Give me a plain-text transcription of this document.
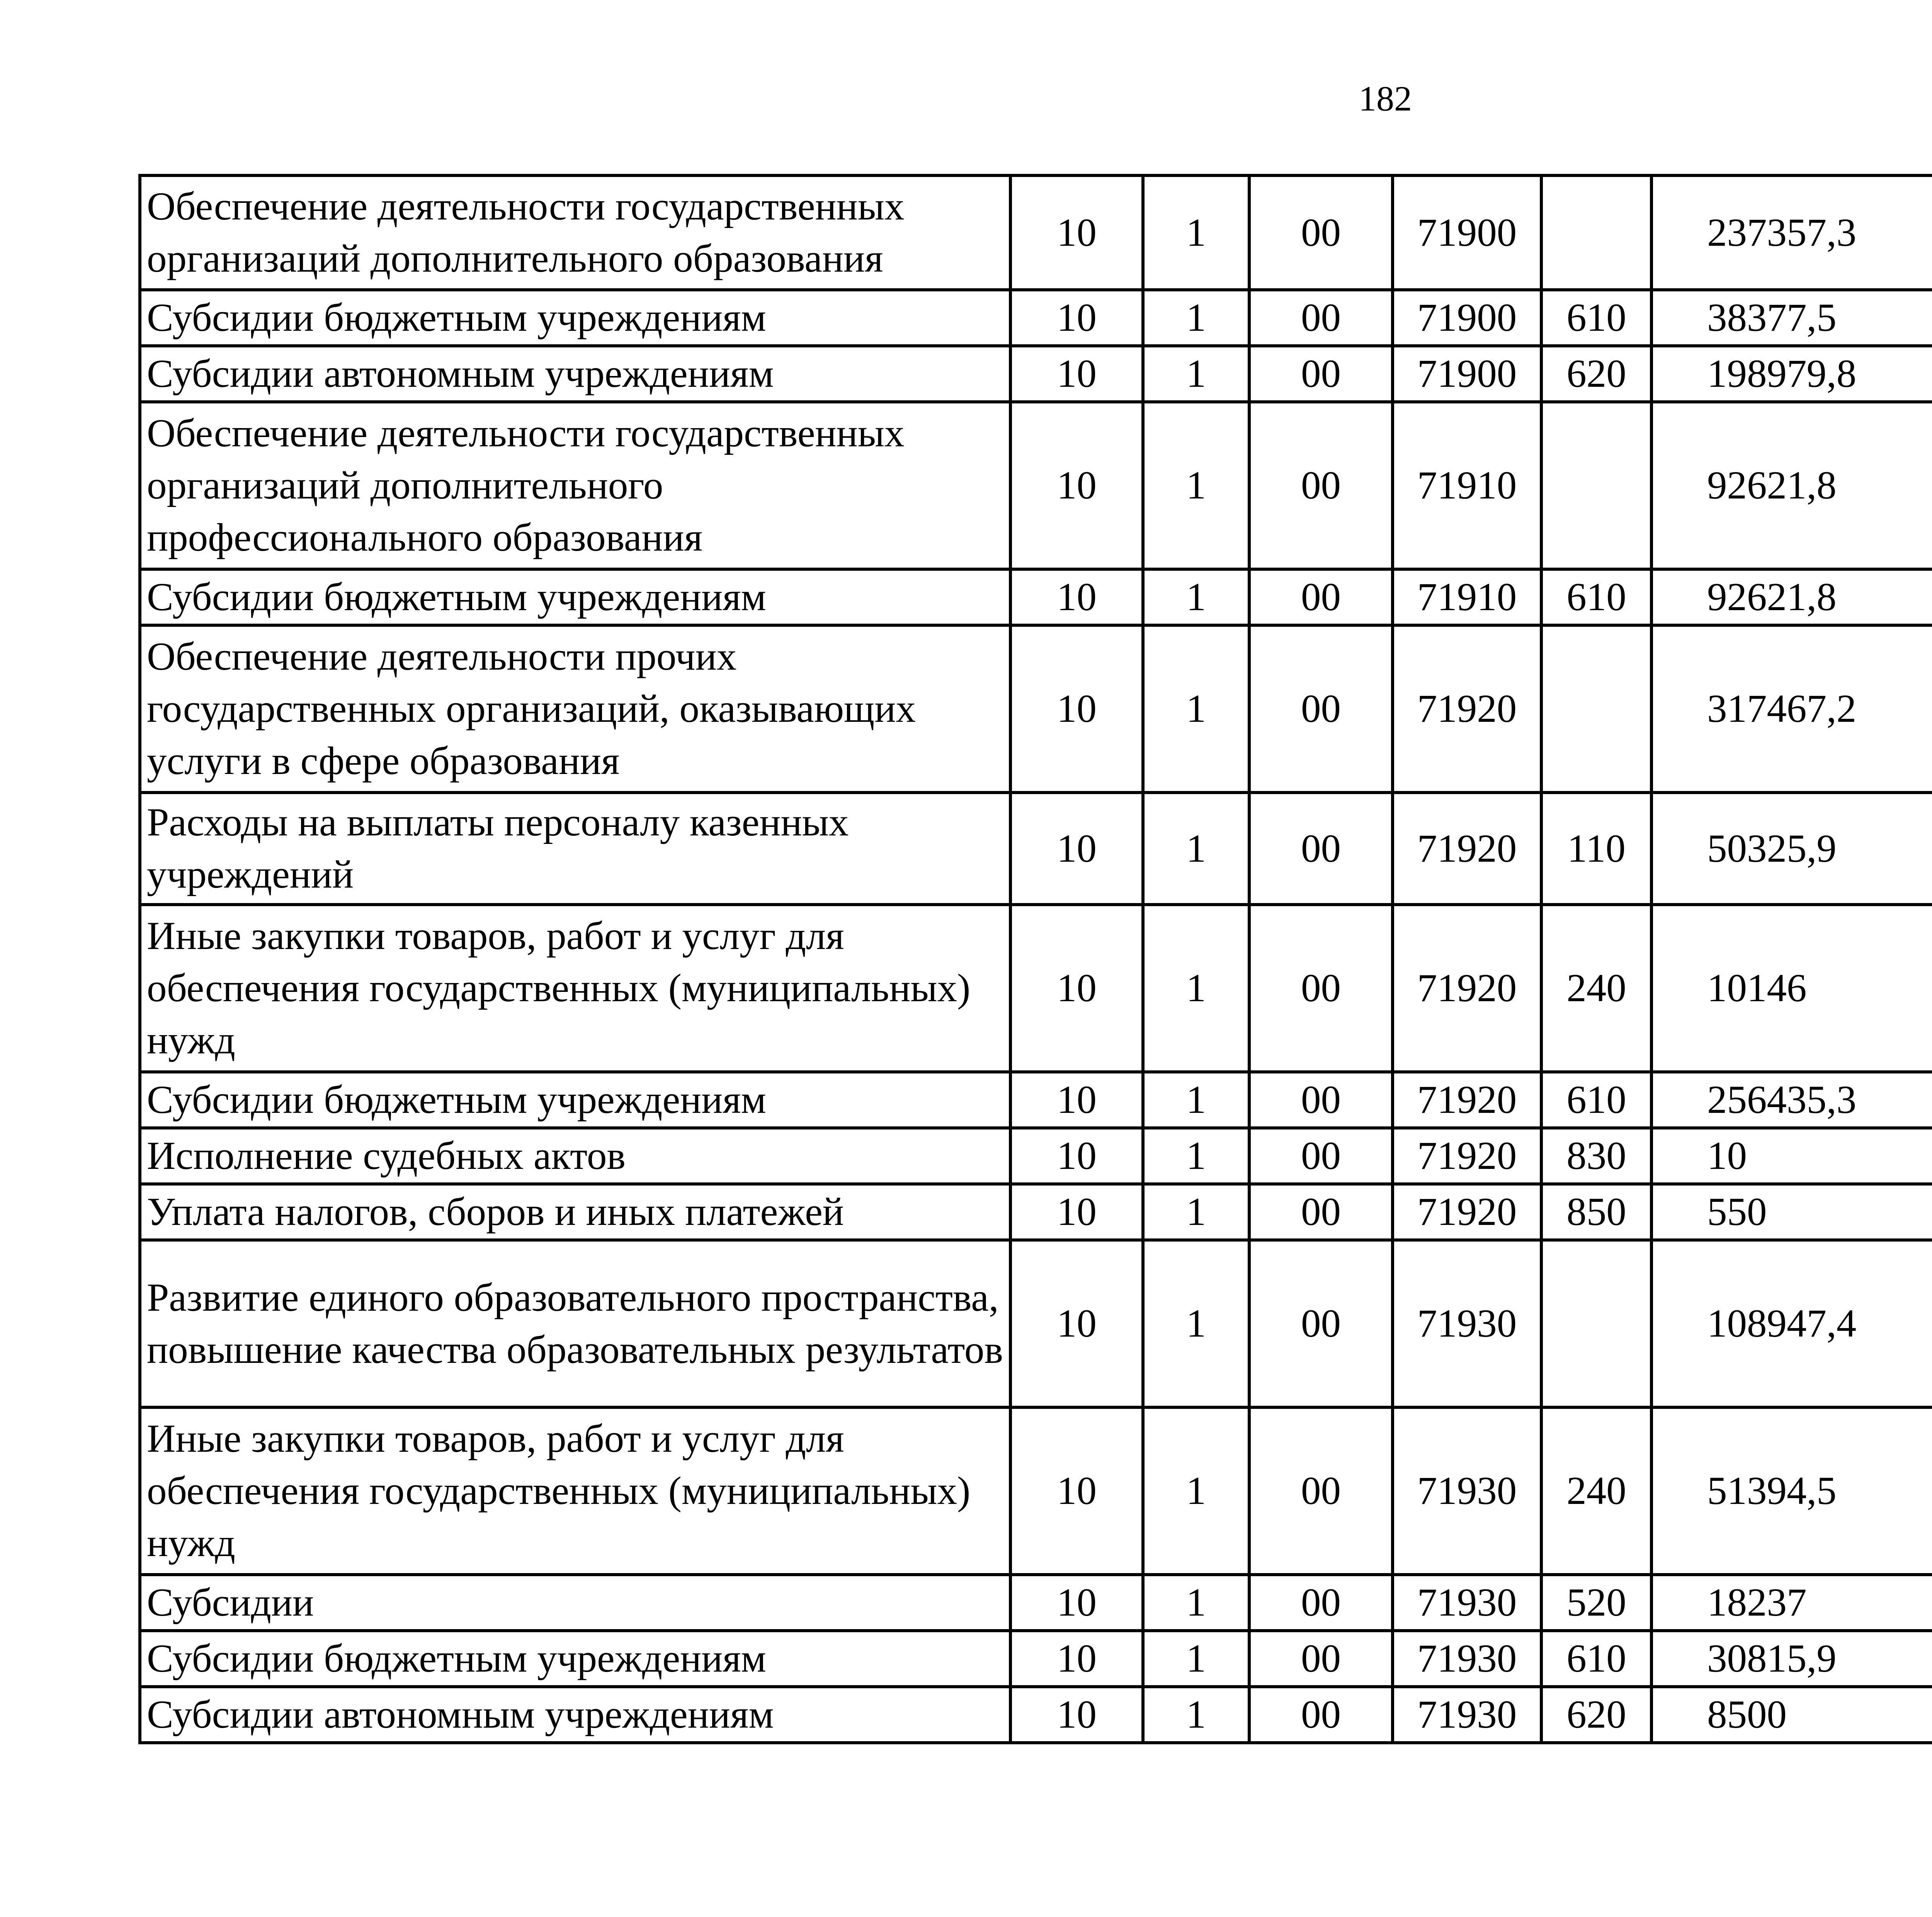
182
Обеспечение деятельности государственных организаций дополнительного образования	10	1	00	71900		237357,3		
Субсидии бюджетным учреждениям	10	1	00	71900	610	38377,5		
Субсидии автономным учреждениям	10	1	00	71900	620	198979,8		
Обеспечение деятельности государственных организаций дополнительного профессионального образования	10	1	00	71910		92621,8		
Субсидии бюджетным учреждениям	10	1	00	71910	610	92621,8		
Обеспечение деятельности прочих государственных организаций, оказывающих услуги в сфере образования	10	1	00	71920		317467,2		
Расходы на выплаты персоналу казенных учреждений	10	1	00	71920	110	50325,9		
Иные закупки товаров, работ и услуг для обеспечения государственных (муниципальных) нужд	10	1	00	71920	240	10146		
Субсидии бюджетным учреждениям	10	1	00	71920	610	256435,3		
Исполнение судебных актов	10	1	00	71920	830	10		
Уплата налогов, сборов и иных платежей	10	1	00	71920	850	550		
Развитие единого образовательного пространства, повышение качества образовательных результатов	10	1	00	71930		108947,4		
Иные закупки товаров, работ и услуг для обеспечения государственных (муниципальных) нужд	10	1	00	71930	240	51394,5		
Субсидии	10	1	00	71930	520	18237		
Субсидии бюджетным учреждениям	10	1	00	71930	610	30815,9		
Субсидии автономным учреждениям	10	1	00	71930	620	8500		
